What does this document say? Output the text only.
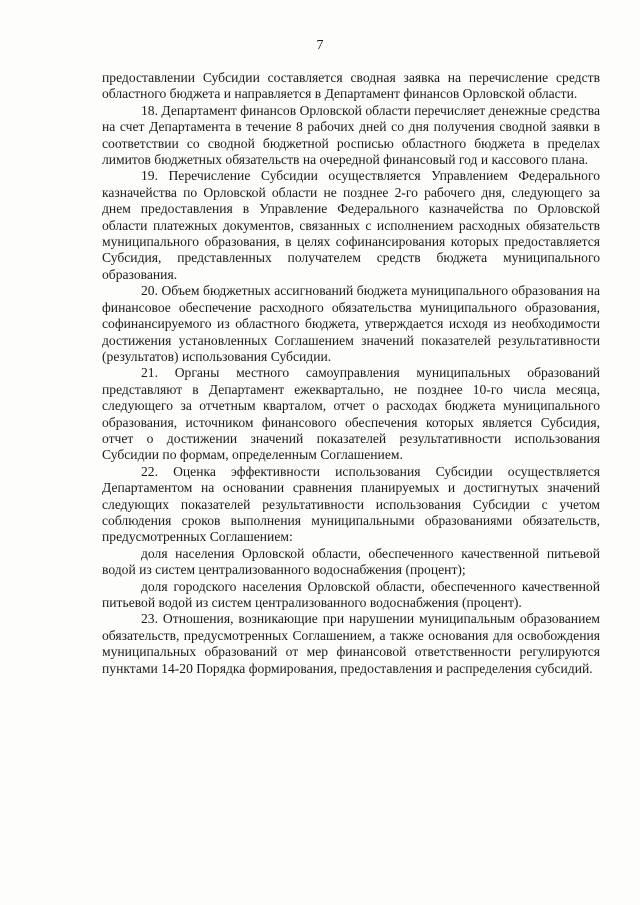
7

предоставлении Субсидии составляется сводная заявка на перечисление средств областного бюджета и направляется в Департамент финансов Орловской области.

18. Департамент финансов Орловской области перечисляет денежные средства на счет Департамента в течение 8 рабочих дней со дня получения сводной заявки в соответствии со сводной бюджетной росписью областного бюджета в пределах лимитов бюджетных обязательств на очередной финансовый год и кассового плана.

19. Перечисление Субсидии осуществляется Управлением Федерального казначейства по Орловской области не позднее 2-го рабочего дня, следующего за днем предоставления в Управление Федерального казначейства по Орловской области платежных документов, связанных с исполнением расходных обязательств муниципального образования, в целях софинансирования которых предоставляется Субсидия, представленных получателем средств бюджета муниципального образования.

20. Объем бюджетных ассигнований бюджета муниципального образования на финансовое обеспечение расходного обязательства муниципального образования, софинансируемого из областного бюджета, утверждается исходя из необходимости достижения установленных Соглашением значений показателей результативности (результатов) использования Субсидии.

21. Органы местного самоуправления муниципальных образований представляют в Департамент ежеквартально, не позднее 10-го числа месяца, следующего за отчетным кварталом, отчет о расходах бюджета муниципального образования, источником финансового обеспечения которых является Субсидия, отчет о достижении значений показателей результативности использования Субсидии по формам, определенным Соглашением.

22. Оценка эффективности использования Субсидии осуществляется Департаментом на основании сравнения планируемых и достигнутых значений следующих показателей результативности использования Субсидии с учетом соблюдения сроков выполнения муниципальными образованиями обязательств, предусмотренных Соглашением:

доля населения Орловской области, обеспеченного качественной питьевой водой из систем централизованного водоснабжения (процент);

доля городского населения Орловской области, обеспеченного качественной питьевой водой из систем централизованного водоснабжения (процент).

23. Отношения, возникающие при нарушении муниципальным образованием обязательств, предусмотренных Соглашением, а также основания для освобождения муниципальных образований от мер финансовой ответственности регулируются пунктами 14-20 Порядка формирования, предоставления и распределения субсидий.
